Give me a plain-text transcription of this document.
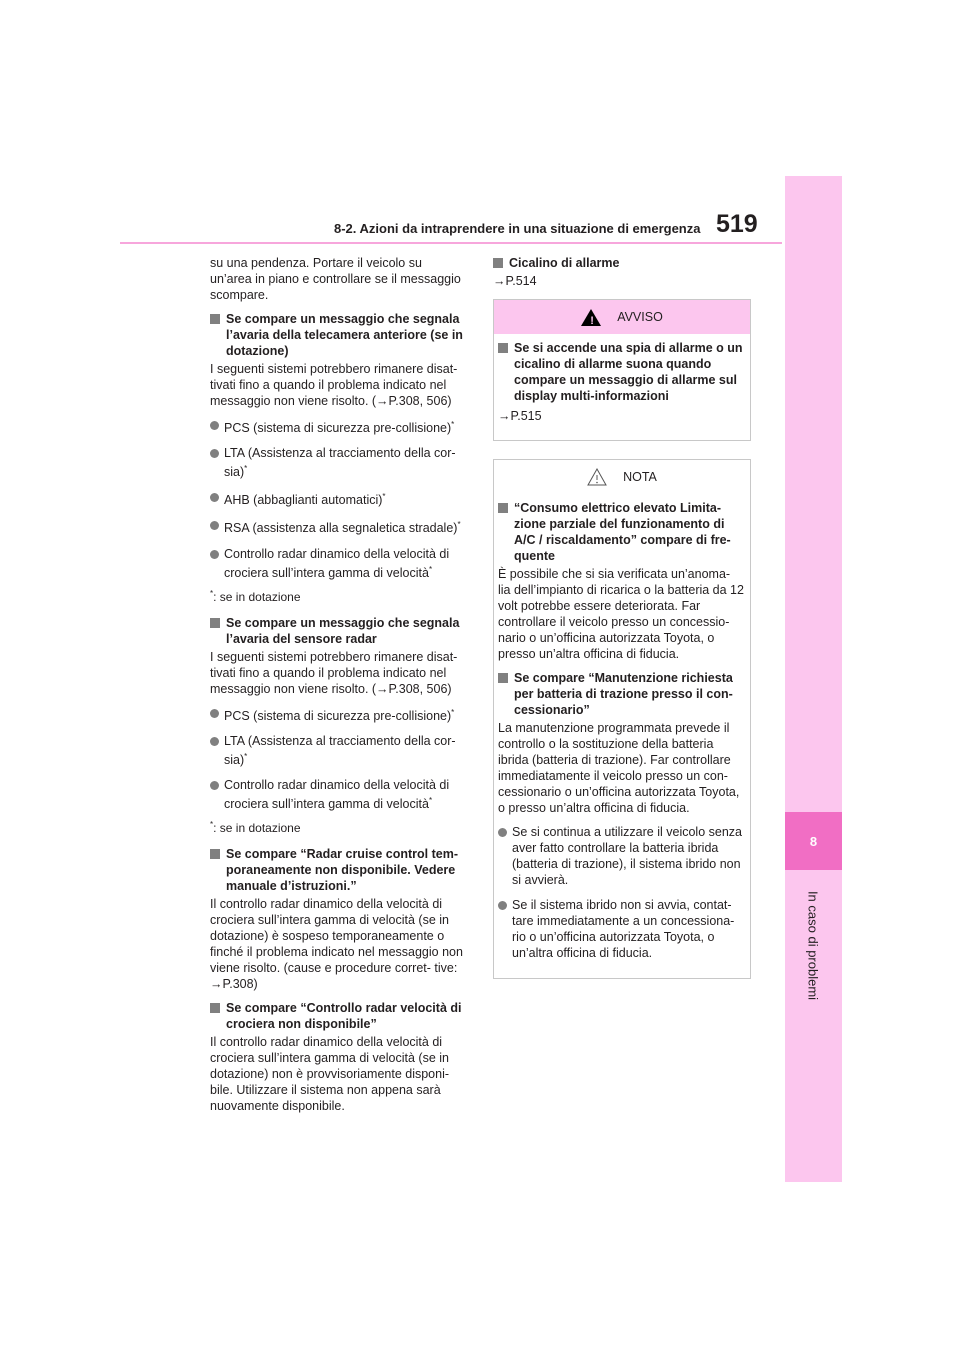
8
In caso di problemi
8-2. Azioni da intraprendere in una situazione di emergenza 519

su una pendenza. Portare il veicolo su un’area in piano e controllare se il messaggio scompare.

Se compare un messaggio che segnala l’avaria della telecamera anteriore (se in dotazione)

I seguenti sistemi potrebbero rimanere disat- tivati fino a quando il problema indicato nel messaggio non viene risolto. (→P.308, 506)

PCS (sistema di sicurezza pre-collisione)*
LTA (Assistenza al tracciamento della cor- sia)*
AHB (abbaglianti automatici)*
RSA (assistenza alla segnaletica stradale)*
Controllo radar dinamico della velocità di crociera sull’intera gamma di velocità*
*: se in dotazione
Se compare un messaggio che segnala l’avaria del sensore radar

I seguenti sistemi potrebbero rimanere disat- tivati fino a quando il problema indicato nel messaggio non viene risolto. (→P.308, 506)

PCS (sistema di sicurezza pre-collisione)*
LTA (Assistenza al tracciamento della cor- sia)*
Controllo radar dinamico della velocità di crociera sull’intera gamma di velocità*
*: se in dotazione
Se compare “Radar cruise control tem- poraneamente non disponibile. Vedere manuale d’istruzioni.”

Il controllo radar dinamico della velocità di crociera sull’intera gamma di velocità (se in dotazione) è sospeso temporaneamente o finché il problema indicato nel messaggio non viene risolto. (cause e procedure corret- tive: →P.308)

Se compare “Controllo radar velocità di crociera non disponibile”

Il controllo radar dinamico della velocità di crociera sull’intera gamma di velocità (se in dotazione) non è provvisoriamente disponi- bile. Utilizzare il sistema non appena sarà nuovamente disponibile.

Cicalino di allarme

→P.514

! AVVISO
Se si accende una spia di allarme o un cicalino di allarme suona quando compare un messaggio di allarme sul display multi-informazioni

→P.515

NOTA
“Consumo elettrico elevato Limita- zione parziale del funzionamento di A/C / riscaldamento” compare di fre- quente

È possibile che si sia verificata un’anoma- lia dell’impianto di ricarica o la batteria da 12 volt potrebbe essere deteriorata. Far controllare il veicolo presso un concessio- nario o un’officina autorizzata Toyota, o presso un’altra officina di fiducia.

Se compare “Manutenzione richiesta per batteria di trazione presso il con- cessionario”

La manutenzione programmata prevede il controllo o la sostituzione della batteria ibrida (batteria di trazione). Far controllare immediatamente il veicolo presso un con- cessionario o un’officina autorizzata Toyota, o presso un’altra officina di fiducia.

Se si continua a utilizzare il veicolo senza aver fatto controllare la batteria ibrida (batteria di trazione), il sistema ibrido non si avvierà.
Se il sistema ibrido non si avvia, contat- tare immediatamente a un concessiona- rio o un’officina autorizzata Toyota, o un’altra officina di fiducia.
